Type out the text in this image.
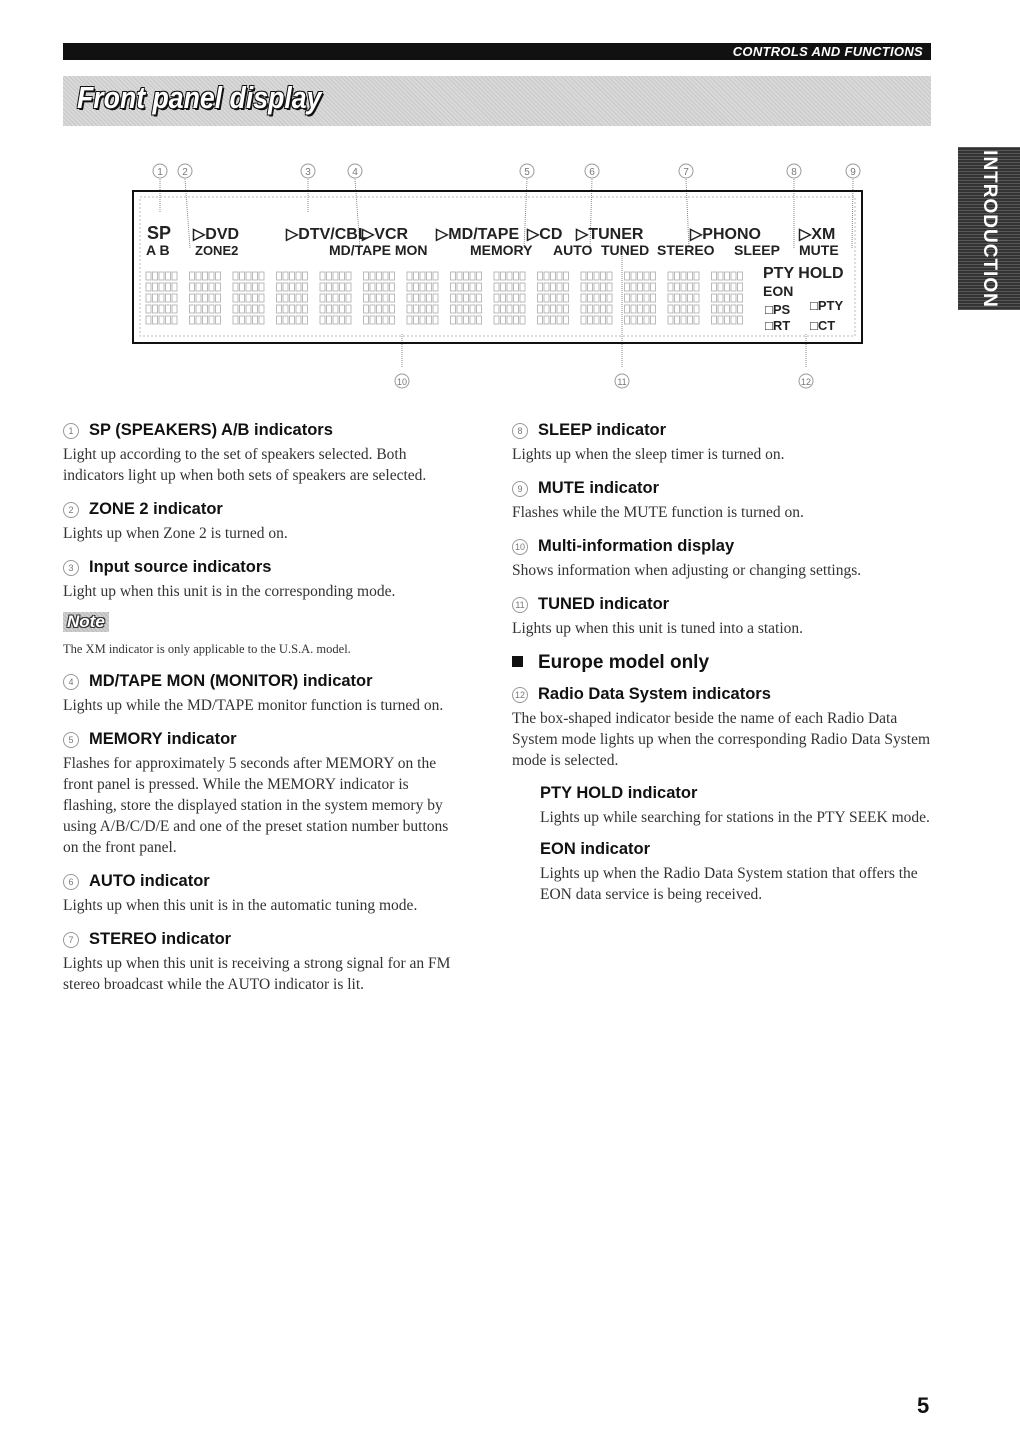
CONTROLS AND FUNCTIONS
Front panel display
INTRODUCTION
1 2	3	4	5	6	7	8	9
10	11	12
SP ▷DVD	▷DTV/CBL
▷VCR ▷MD/TAPE ▷CD ▷TUNER	▷PHONO ▷XM
A B ZONE2	MD/TAPE MON	MEMORY AUTO TUNED STEREO SLEEP MUTE
PTY HOLD
EON
□PS □PTY
□RT □CT
1 SP (SPEAKERS) A/B indicators

Light up according to the set of speakers selected. Both indicators light up when both sets of speakers are selected.

2 ZONE 2 indicator

Lights up when Zone 2 is turned on.

3 Input source indicators

Light up when this unit is in the corresponding mode.

Note

The XM indicator is only applicable to the U.S.A. model.

4 MD/TAPE MON (MONITOR) indicator

Lights up while the MD/TAPE monitor function is turned on.

5 MEMORY indicator

Flashes for approximately 5 seconds after MEMORY on the front panel is pressed. While the MEMORY indicator is flashing, store the displayed station in the system memory by using A/B/C/D/E and one of the preset station number buttons on the front panel.

6 AUTO indicator

Lights up when this unit is in the automatic tuning mode.

7 STEREO indicator

Lights up when this unit is receiving a strong signal for an FM stereo broadcast while the AUTO indicator is lit.

8 SLEEP indicator

Lights up when the sleep timer is turned on.

9 MUTE indicator

Flashes while the MUTE function is turned on.

10 Multi-information display

Shows information when adjusting or changing settings.

11 TUNED indicator

Lights up when this unit is tuned into a station.

Europe model only
12 Radio Data System indicators

The box-shaped indicator beside the name of each Radio Data System mode lights up when the corresponding Radio Data System mode is selected.

PTY HOLD indicator

Lights up while searching for stations in the PTY SEEK mode.

EON indicator

Lights up when the Radio Data System station that offers the EON data service is being received.

5
